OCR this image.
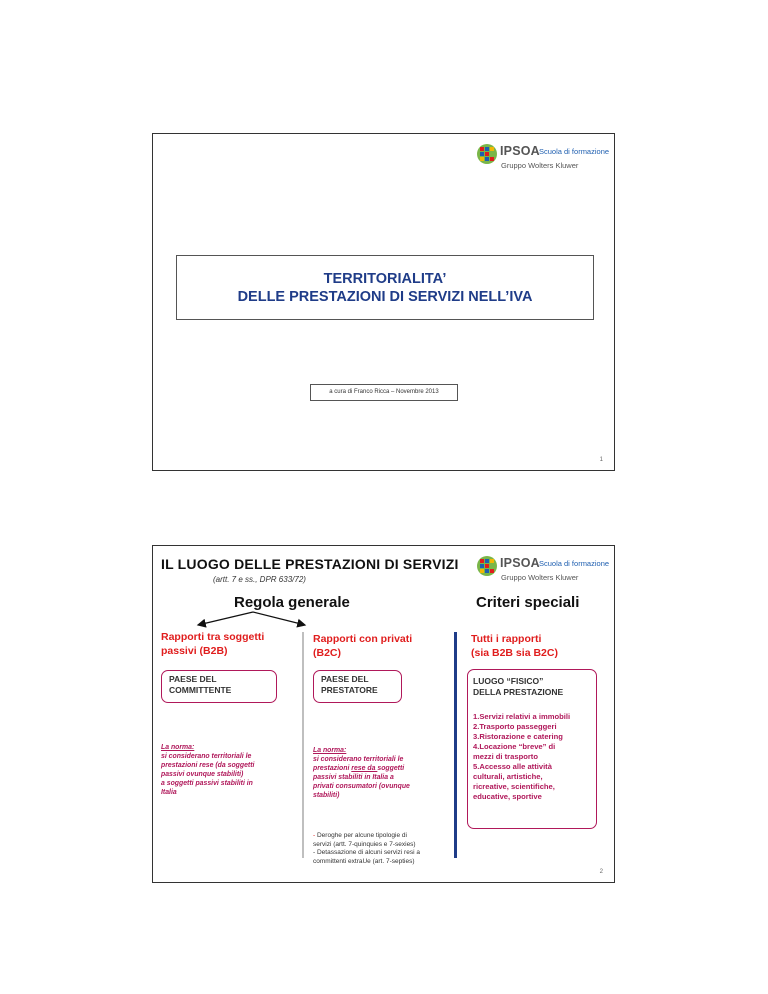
IPSOA Scuola di formazione
Gruppo Wolters Kluwer
TERRITORIALITA’
DELLE PRESTAZIONI DI SERVIZI NELL’IVA
a cura di Franco Ricca – Novembre 2013
1
IL LUOGO DELLE PRESTAZIONI DI SERVIZI
(artt. 7 e ss., DPR 633/72)
IPSOA Scuola di formazione
Gruppo Wolters Kluwer
Regola generale	Criteri speciali
Rapporti tra soggetti
passivi (B2B)
PAESE DEL
COMMITTENTE
La norma:
si considerano territoriali le
prestazioni rese (da soggetti
passivi ovunque stabiliti)
a soggetti passivi stabiliti in
Italia
Rapporti con privati
(B2C)
PAESE DEL
PRESTATORE
La norma:
si considerano territoriali le
prestazioni rese da soggetti
passivi stabiliti in Italia a
privati consumatori (ovunque
stabiliti)
- Deroghe per alcune tipologie di
servizi (artt. 7-quinquies e 7-sexies)
- Detassazione di alcuni servizi resi a
committenti extraUe (art. 7-septies)
Tutti i rapporti
(sia B2B sia B2C)
LUOGO “FISICO”
DELLA PRESTAZIONE
1.Servizi relativi a immobili
2.Trasporto passeggeri
3.Ristorazione e catering
4.Locazione “breve” di
mezzi di trasporto
5.Accesso alle attività
culturali, artistiche,
ricreative, scientifiche,
educative, sportive
2
